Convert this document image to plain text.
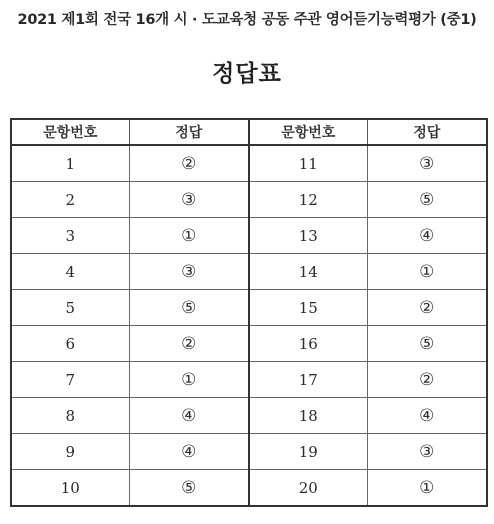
2021 제1회 전국 16개 시 · 도교육청 공동 주관 영어듣기능력평가 (중1)
정답표
문항번호	정답	문항번호	정답
1	②	11	③
2	③	12	⑤
3	①	13	④
4	③	14	①
5	⑤	15	②
6	②	16	⑤
7	①	17	②
8	④	18	④
9	④	19	③
10	⑤	20	①
